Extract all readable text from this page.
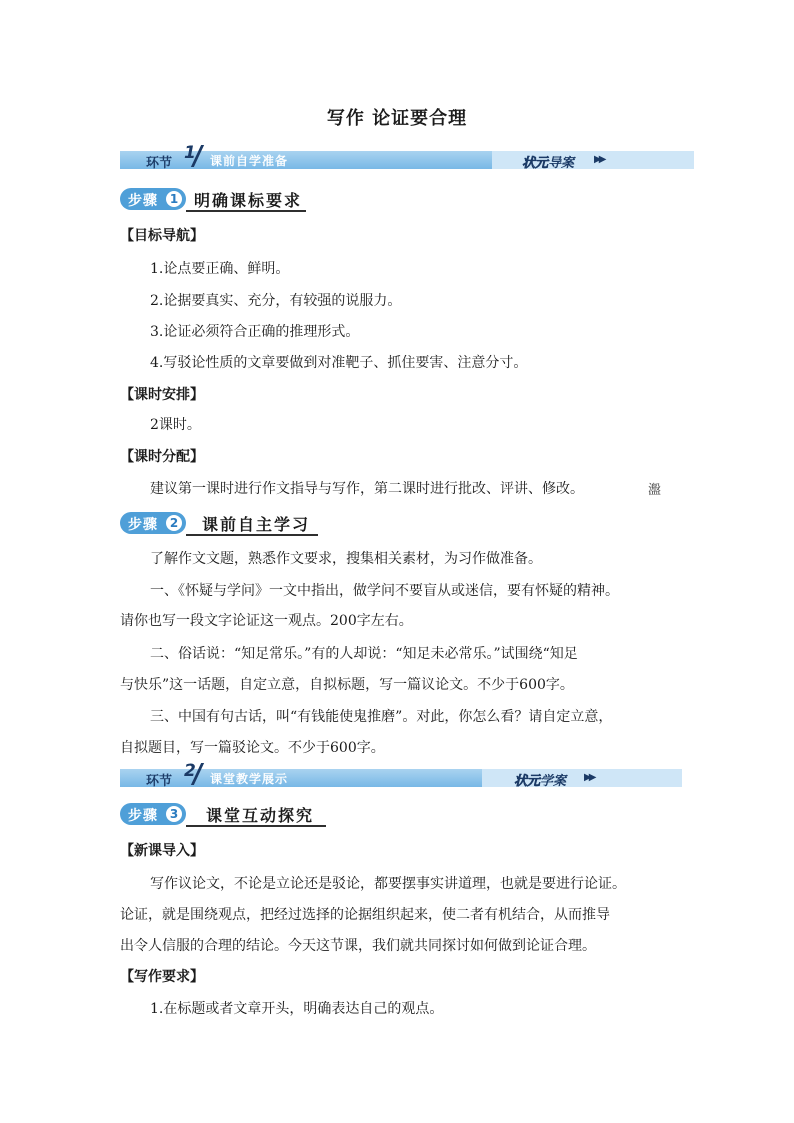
写作 论证要合理
环节
1 课前自学准备	状元导案 ▶▶
步骤 1 明确课标要求
【目标导航】
1.论点要正确、鲜明。
2.论据要真实、充分，有较强的说服力。
3.论证必须符合正确的推理形式。
4.写驳论性质的文章要做到对准靶子、抓住要害、注意分寸。
【课时安排】
2课时。
【课时分配】
建议第一课时进行作文指导与写作，第二课时进行批改、评讲、修改。	瀊
步骤 2 课前自主学习
了解作文文题，熟悉作文要求，搜集相关素材，为习作做准备。
一、《怀疑与学问》一文中指出，做学问不要盲从或迷信，要有怀疑的精神。
请你也写一段文字论证这一观点。200字左右。
二、俗话说：“知足常乐。”有的人却说：“知足未必常乐。”试围绕“知足
与快乐”这一话题，自定立意，自拟标题，写一篇议论文。不少于600字。
三、中国有句古话，叫“有钱能使鬼推磨”。对此，你怎么看？请自定立意，
自拟题目，写一篇驳论文。不少于600字。
环节
2 课堂教学展示	状元学案 ▶▶
步骤 3 课堂互动探究
【新课导入】
写作议论文，不论是立论还是驳论，都要摆事实讲道理，也就是要进行论证。
论证，就是围绕观点，把经过选择的论据组织起来，使二者有机结合，从而推导
出令人信服的合理的结论。今天这节课，我们就共同探讨如何做到论证合理。
【写作要求】
1.在标题或者文章开头，明确表达自己的观点。
